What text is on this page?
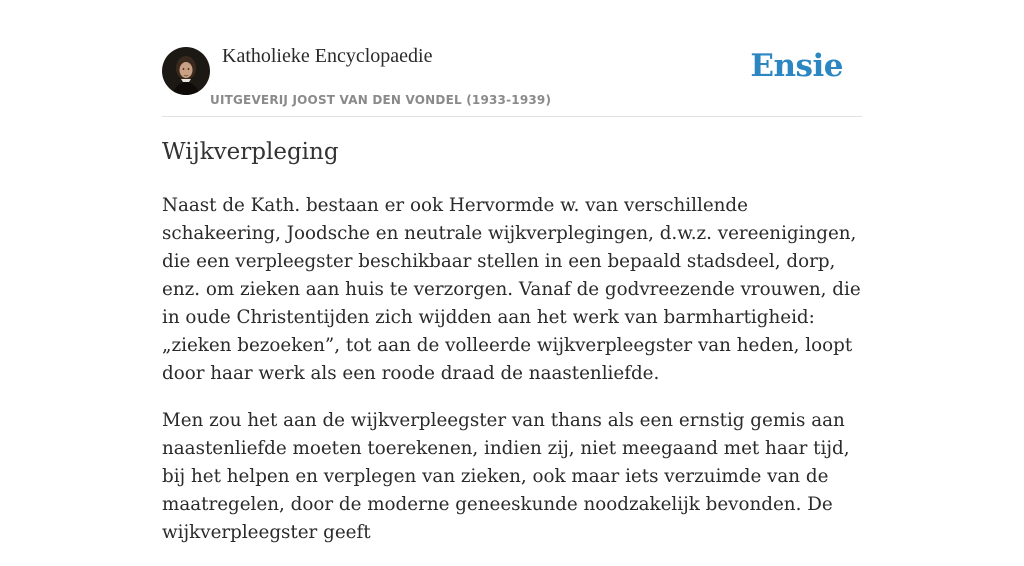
Katholieke Encyclopaedie
UITGEVERIJ JOOST VAN DEN VONDEL (1933-1939)
Ensie
Wijkverpleging

Naast de Kath. bestaan er ook Hervormde w. van verschillende schakeering, Joodsche en neutrale wijkverplegingen, d.w.z. vereenigingen, die een verpleegster beschikbaar stellen in een bepaald stadsdeel, dorp, enz. om zieken aan huis te verzorgen. Vanaf de godvreezende vrouwen, die in oude Christentijden zich wijdden aan het werk van barmhartigheid: „zieken bezoeken”, tot aan de volleerde wijkverpleegster van heden, loopt door haar werk als een roode draad de naastenliefde.

Men zou het aan de wijkverpleegster van thans als een ernstig gemis aan naastenliefde moeten toerekenen, indien zij, niet meegaand met haar tijd, bij het helpen en verplegen van zieken, ook maar iets verzuimde van de maatregelen, door de moderne geneeskunde noodzakelijk bevonden. De wijkverpleegster geeft
